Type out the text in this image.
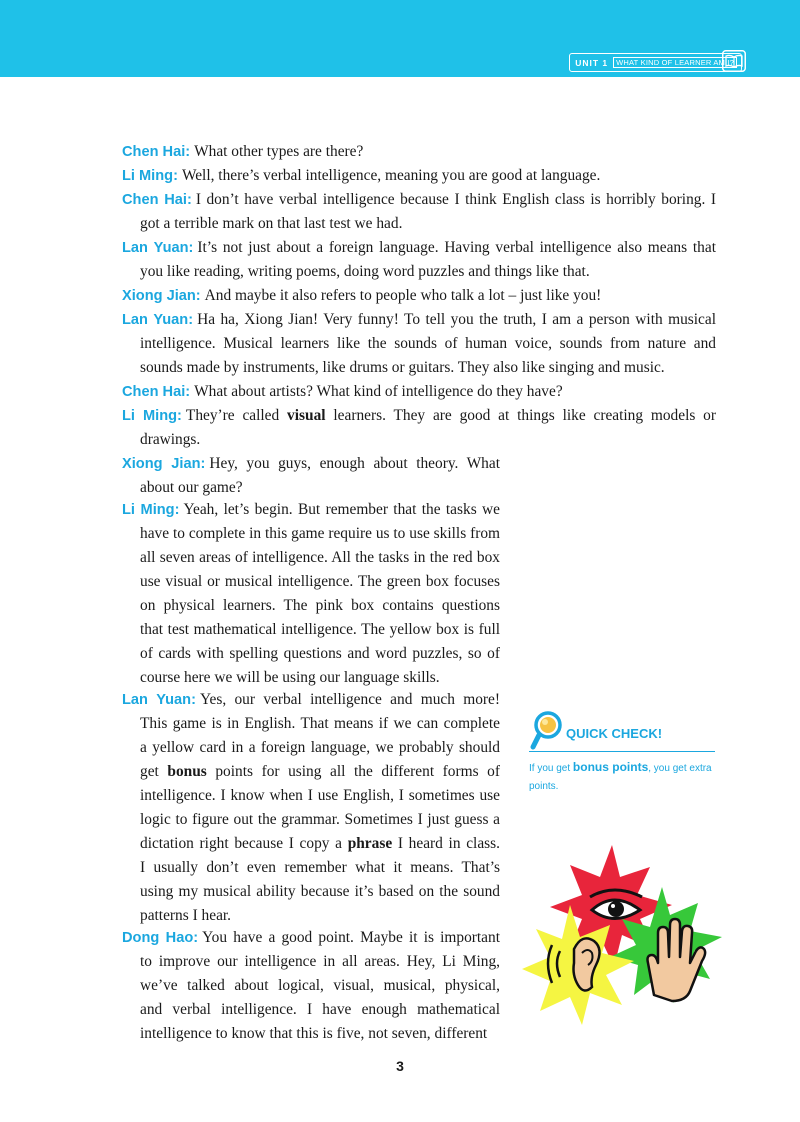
UNIT 1	WHAT KIND OF LEARNER AM I?
Chen Hai: What other types are there?
Li Ming: Well, there’s verbal intelligence, meaning you are good at language.
Chen Hai: I don’t have verbal intelligence because I think English class is horribly boring. I
got a terrible mark on that last test we had.
Lan Yuan: It’s not just about a foreign language. Having verbal intelligence also means that
you like reading, writing poems, doing word puzzles and things like that.
Xiong Jian: And maybe it also refers to people who talk a lot – just like you!
Lan Yuan: Ha ha, Xiong Jian! Very funny! To tell you the truth, I am a person with musical
intelligence. Musical learners like the sounds of human voice, sounds from nature and
sounds made by instruments, like drums or guitars. They also like singing and music.
Chen Hai: What about artists? What kind of intelligence do they have?
Li Ming: They’re called visual learners. They are good at things like creating models or
drawings.
Xiong Jian: Hey, you guys, enough about theory. What
about our game?
Li Ming: Yeah, let’s begin. But remember that the tasks we
have to complete in this game require us to use skills from
all seven areas of intelligence. All the tasks in the red box
use visual or musical intelligence. The green box focuses
on physical learners. The pink box contains questions
that test mathematical intelligence. The yellow box is full
of cards with spelling questions and word puzzles, so of
course here we will be using our language skills.
Lan Yuan: Yes, our verbal intelligence and much more!
This game is in English. That means if we can complete
a yellow card in a foreign language, we probably should
get bonus points for using all the different forms of
intelligence. I know when I use English, I sometimes use
logic to figure out the grammar. Sometimes I just guess a
dictation right because I copy a phrase I heard in class.
I usually don’t even remember what it means. That’s
using my musical ability because it’s based on the sound
patterns I hear.
Dong Hao: You have a good point. Maybe it is important
to improve our intelligence in all areas. Hey, Li Ming,
we’ve talked about logical, visual, musical, physical,
and verbal intelligence. I have enough mathematical
intelligence to know that this is five, not seven, different
QUICK CHECK!
If you get bonus points, you get extra points.
3
